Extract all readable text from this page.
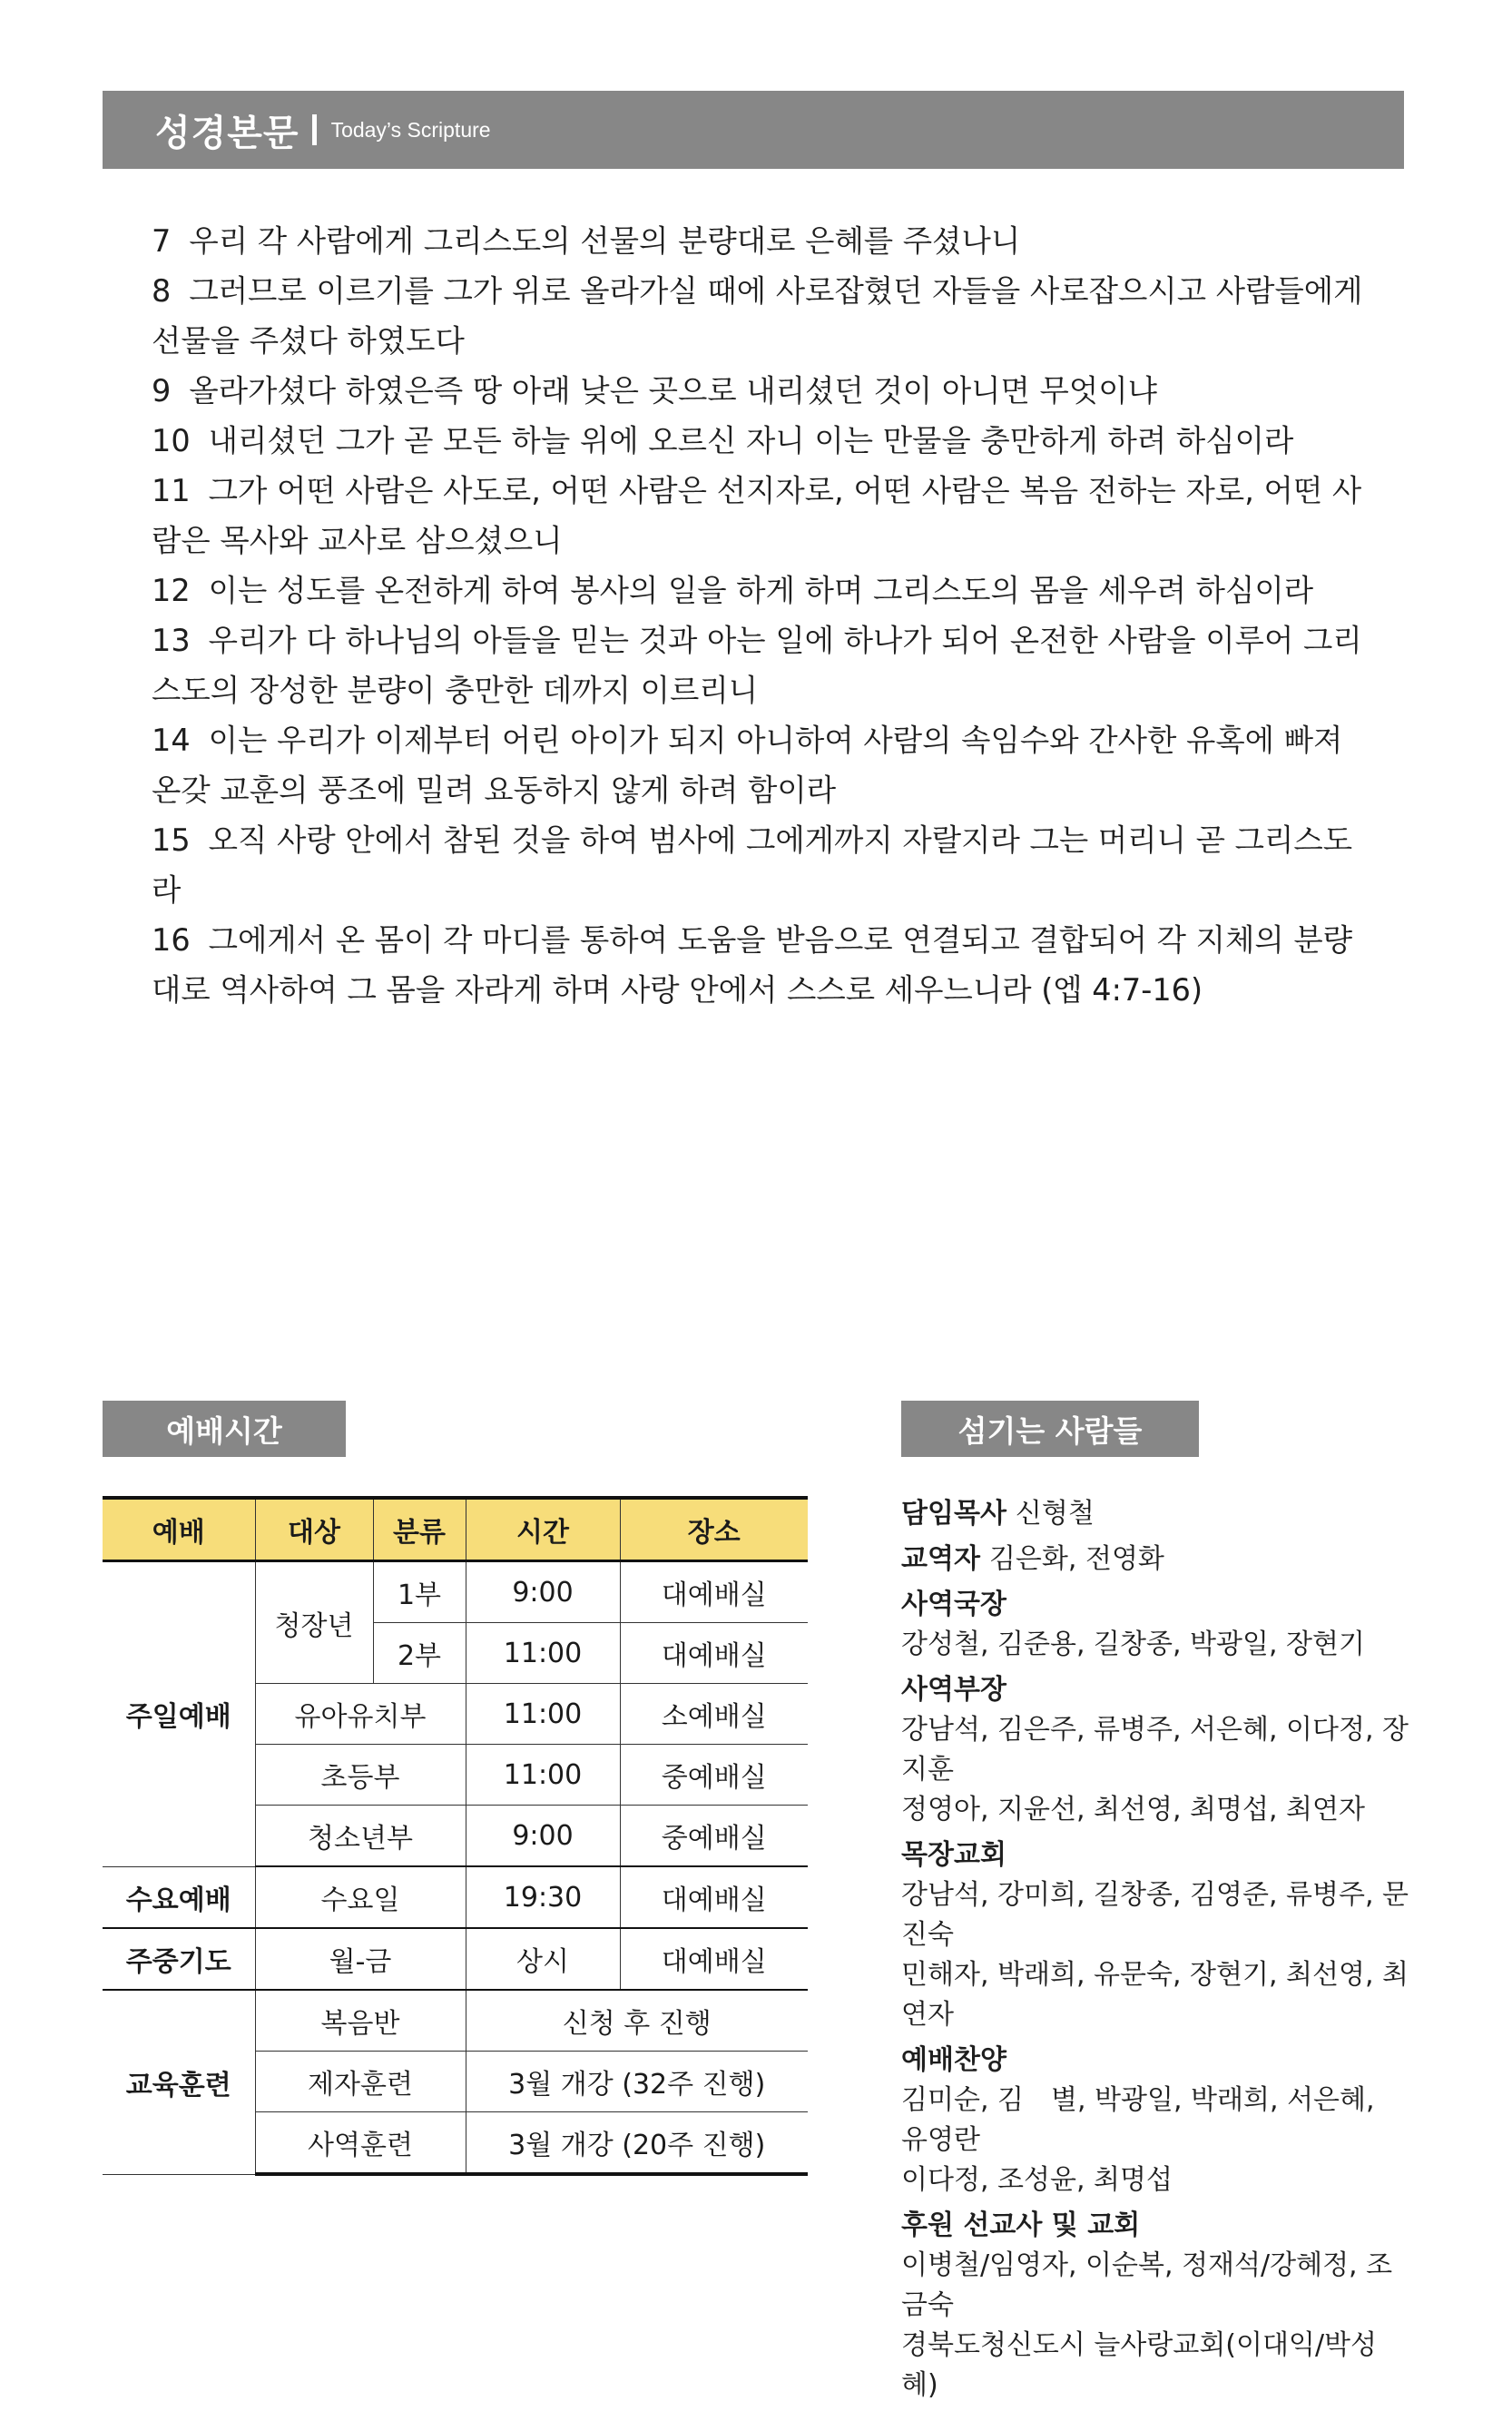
성경본문 Today’s Scripture

7 우리 각 사람에게 그리스도의 선물의 분량대로 은혜를 주셨나니

8 그러므로 이르기를 그가 위로 올라가실 때에 사로잡혔던 자들을 사로잡으시고 사람들에게 선물을 주셨다 하였도다

9 올라가셨다 하였은즉 땅 아래 낮은 곳으로 내리셨던 것이 아니면 무엇이냐

10 내리셨던 그가 곧 모든 하늘 위에 오르신 자니 이는 만물을 충만하게 하려 하심이라

11 그가 어떤 사람은 사도로, 어떤 사람은 선지자로, 어떤 사람은 복음 전하는 자로, 어떤 사람은 목사와 교사로 삼으셨으니

12 이는 성도를 온전하게 하여 봉사의 일을 하게 하며 그리스도의 몸을 세우려 하심이라

13 우리가 다 하나님의 아들을 믿는 것과 아는 일에 하나가 되어 온전한 사람을 이루어 그리스도의 장성한 분량이 충만한 데까지 이르리니

14 이는 우리가 이제부터 어린 아이가 되지 아니하여 사람의 속임수와 간사한 유혹에 빠져 온갖 교훈의 풍조에 밀려 요동하지 않게 하려 함이라

15 오직 사랑 안에서 참된 것을 하여 범사에 그에게까지 자랄지라 그는 머리니 곧 그리스도라

16 그에게서 온 몸이 각 마디를 통하여 도움을 받음으로 연결되고 결합되어 각 지체의 분량대로 역사하여 그 몸을 자라게 하며 사랑 안에서 스스로 세우느니라 (엡 4:7-16)

예배시간
예배	대상	분류	시간	장소
주일예배	청장년	1부	9:00	대예배실
		2부	11:00	대예배실
	유아유치부		11:00	소예배실
	초등부		11:00	중예배실
	청소년부		9:00	중예배실
수요예배	수요일		19:30	대예배실
주중기도	월-금		상시	대예배실
교육훈련	복음반		신청 후 진행	
	제자훈련		3월 개강 (32주 진행)	
	사역훈련		3월 개강 (20주 진행)	
섬기는 사람들

담임목사 신형철

교역자 김은화, 전영화

사역국장
강성철, 김준용, 길창종, 박광일, 장현기
사역부장
강남석, 김은주, 류병주, 서은혜, 이다정, 장지훈
정영아, 지윤선, 최선영, 최명섭, 최연자
목장교회
강남석, 강미희, 길창종, 김영준, 류병주, 문진숙
민해자, 박래희, 유문숙, 장현기, 최선영, 최연자
예배찬양
김미순, 김　별, 박광일, 박래희, 서은혜, 유영란
이다정, 조성윤, 최명섭
후원 선교사 및 교회
이병철/임영자, 이순복, 정재석/강혜정, 조금숙
경북도청신도시 늘사랑교회(이대익/박성혜)
